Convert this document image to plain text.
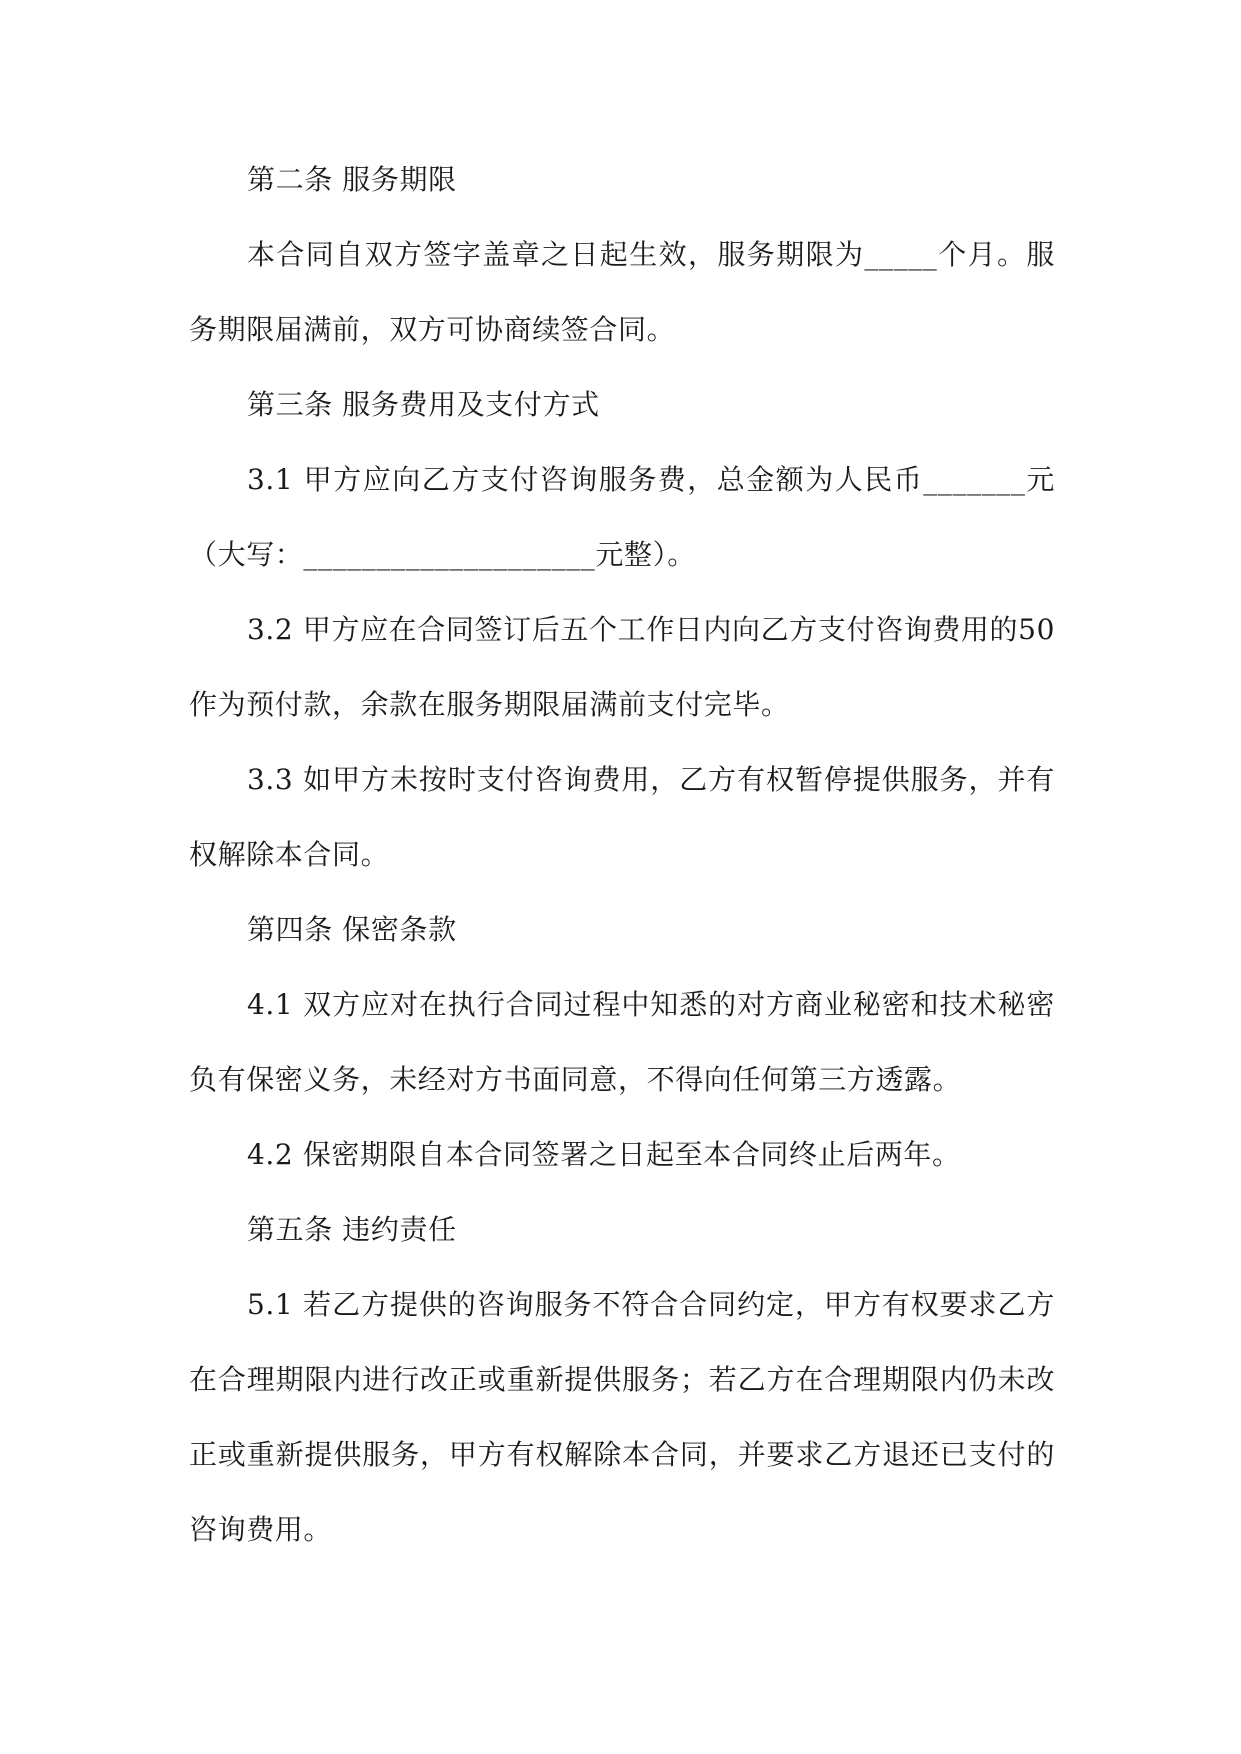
第二条 服务期限

本合同自双方签字盖章之日起生效，服务期限为_____个月。服务期限届满前，双方可协商续签合同。

第三条 服务费用及支付方式

3.1 甲方应向乙方支付咨询服务费，总金额为人民币_______元（大写：____________________元整）。

3.2 甲方应在合同签订后五个工作日内向乙方支付咨询费用的50作为预付款，余款在服务期限届满前支付完毕。

3.3 如甲方未按时支付咨询费用，乙方有权暂停提供服务，并有权解除本合同。

第四条 保密条款

4.1 双方应对在执行合同过程中知悉的对方商业秘密和技术秘密负有保密义务，未经对方书面同意，不得向任何第三方透露。

4.2 保密期限自本合同签署之日起至本合同终止后两年。

第五条 违约责任

5.1 若乙方提供的咨询服务不符合合同约定，甲方有权要求乙方在合理期限内进行改正或重新提供服务；若乙方在合理期限内仍未改正或重新提供服务，甲方有权解除本合同，并要求乙方退还已支付的咨询费用。
